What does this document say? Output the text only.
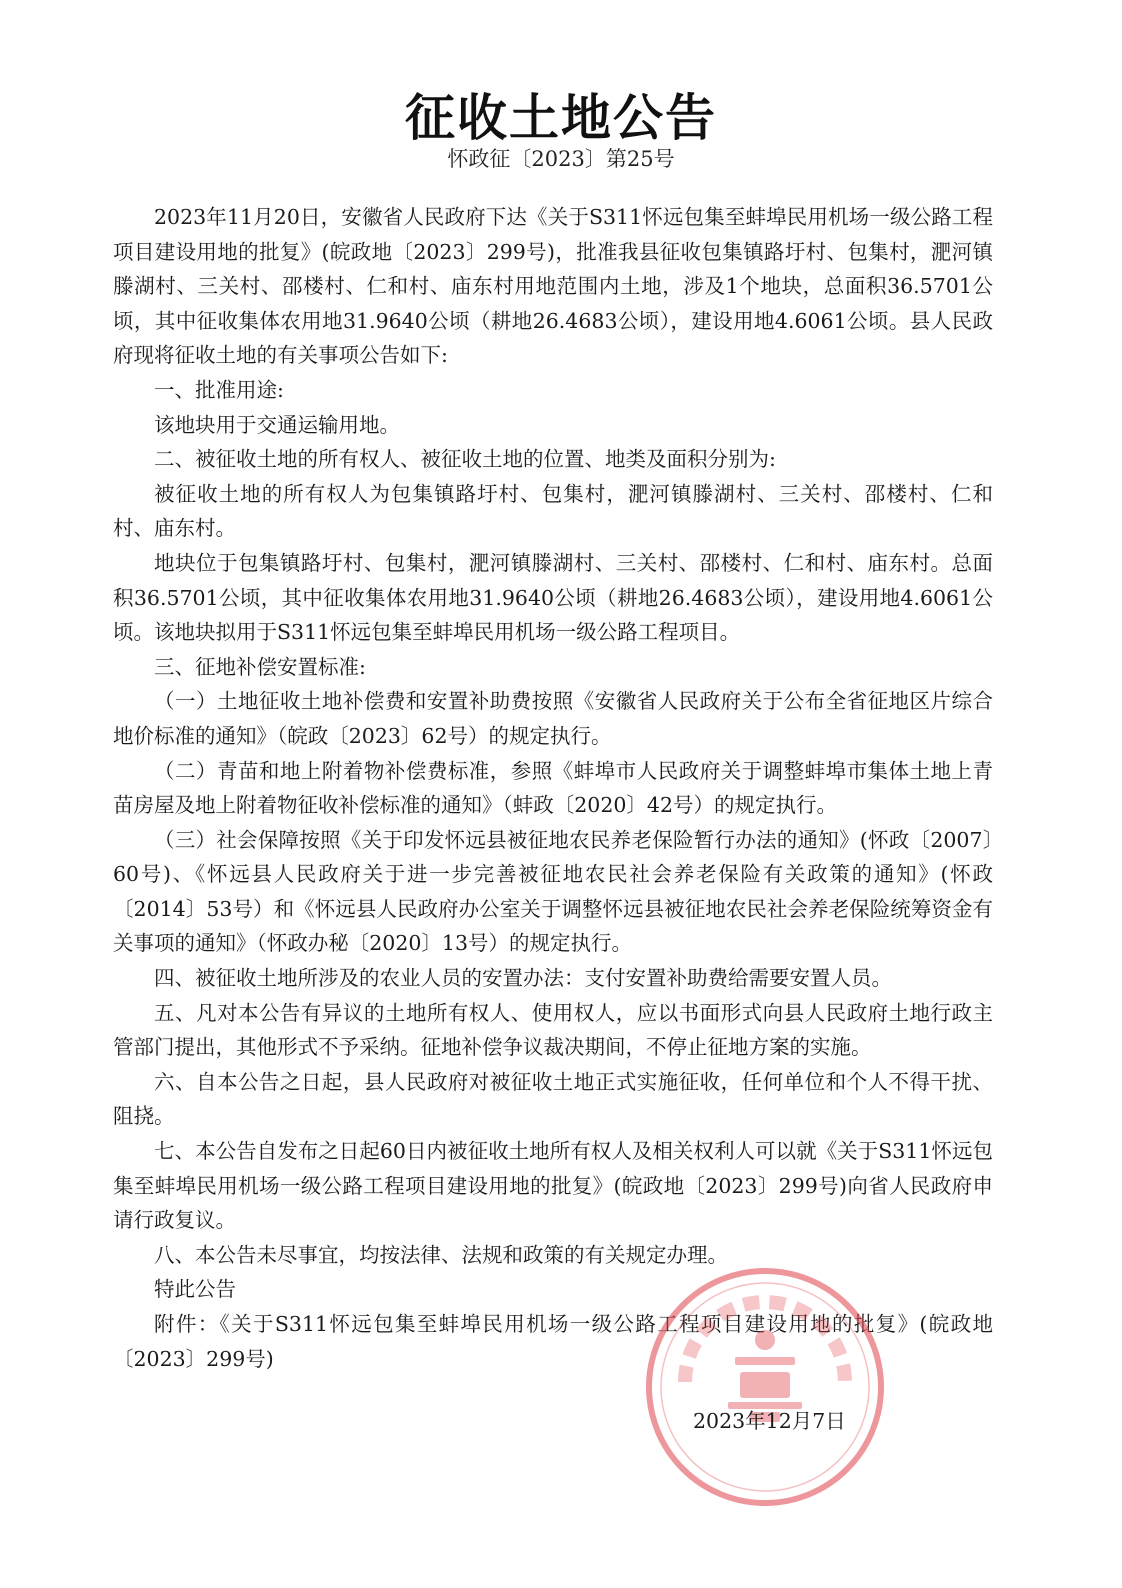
征收土地公告
怀政征〔2023〕第25号

2023年11月20日，安徽省人民政府下达《关于S311怀远包集至蚌埠民用机场一级公路工程项目建设用地的批复》(皖政地〔2023〕299号)，批准我县征收包集镇路圩村、包集村，淝河镇滕湖村、三关村、邵楼村、仁和村、庙东村用地范围内土地，涉及1个地块，总面积36.5701公顷，其中征收集体农用地31.9640公顷（耕地26.4683公顷），建设用地4.6061公顷。县人民政府现将征收土地的有关事项公告如下:

一、批准用途:

该地块用于交通运输用地。

二、被征收土地的所有权人、被征收土地的位置、地类及面积分别为:

被征收土地的所有权人为包集镇路圩村、包集村，淝河镇滕湖村、三关村、邵楼村、仁和村、庙东村。

地块位于包集镇路圩村、包集村，淝河镇滕湖村、三关村、邵楼村、仁和村、庙东村。总面积36.5701公顷，其中征收集体农用地31.9640公顷（耕地26.4683公顷），建设用地4.6061公顷。该地块拟用于S311怀远包集至蚌埠民用机场一级公路工程项目。

三、征地补偿安置标准:

（一）土地征收土地补偿费和安置补助费按照《安徽省人民政府关于公布全省征地区片综合地价标准的通知》（皖政〔2023〕62号）的规定执行。

（二）青苗和地上附着物补偿费标准，参照《蚌埠市人民政府关于调整蚌埠市集体土地上青苗房屋及地上附着物征收补偿标准的通知》（蚌政〔2020〕42号）的规定执行。

（三）社会保障按照《关于印发怀远县被征地农民养老保险暂行办法的通知》(怀政〔2007〕60号)、《怀远县人民政府关于进一步完善被征地农民社会养老保险有关政策的通知》(怀政〔2014〕53号）和《怀远县人民政府办公室关于调整怀远县被征地农民社会养老保险统筹资金有关事项的通知》（怀政办秘〔2020〕13号）的规定执行。

四、被征收土地所涉及的农业人员的安置办法：支付安置补助费给需要安置人员。

五、凡对本公告有异议的土地所有权人、使用权人，应以书面形式向县人民政府土地行政主管部门提出，其他形式不予采纳。征地补偿争议裁决期间，不停止征地方案的实施。

六、自本公告之日起，县人民政府对被征收土地正式实施征收，任何单位和个人不得干扰、阻挠。

七、本公告自发布之日起60日内被征收土地所有权人及相关权利人可以就《关于S311怀远包集至蚌埠民用机场一级公路工程项目建设用地的批复》(皖政地〔2023〕299号)向省人民政府申请行政复议。

八、本公告未尽事宜，均按法律、法规和政策的有关规定办理。

特此公告

附件：《关于S311怀远包集至蚌埠民用机场一级公路工程项目建设用地的批复》(皖政地〔2023〕299号)

2023年12月7日
